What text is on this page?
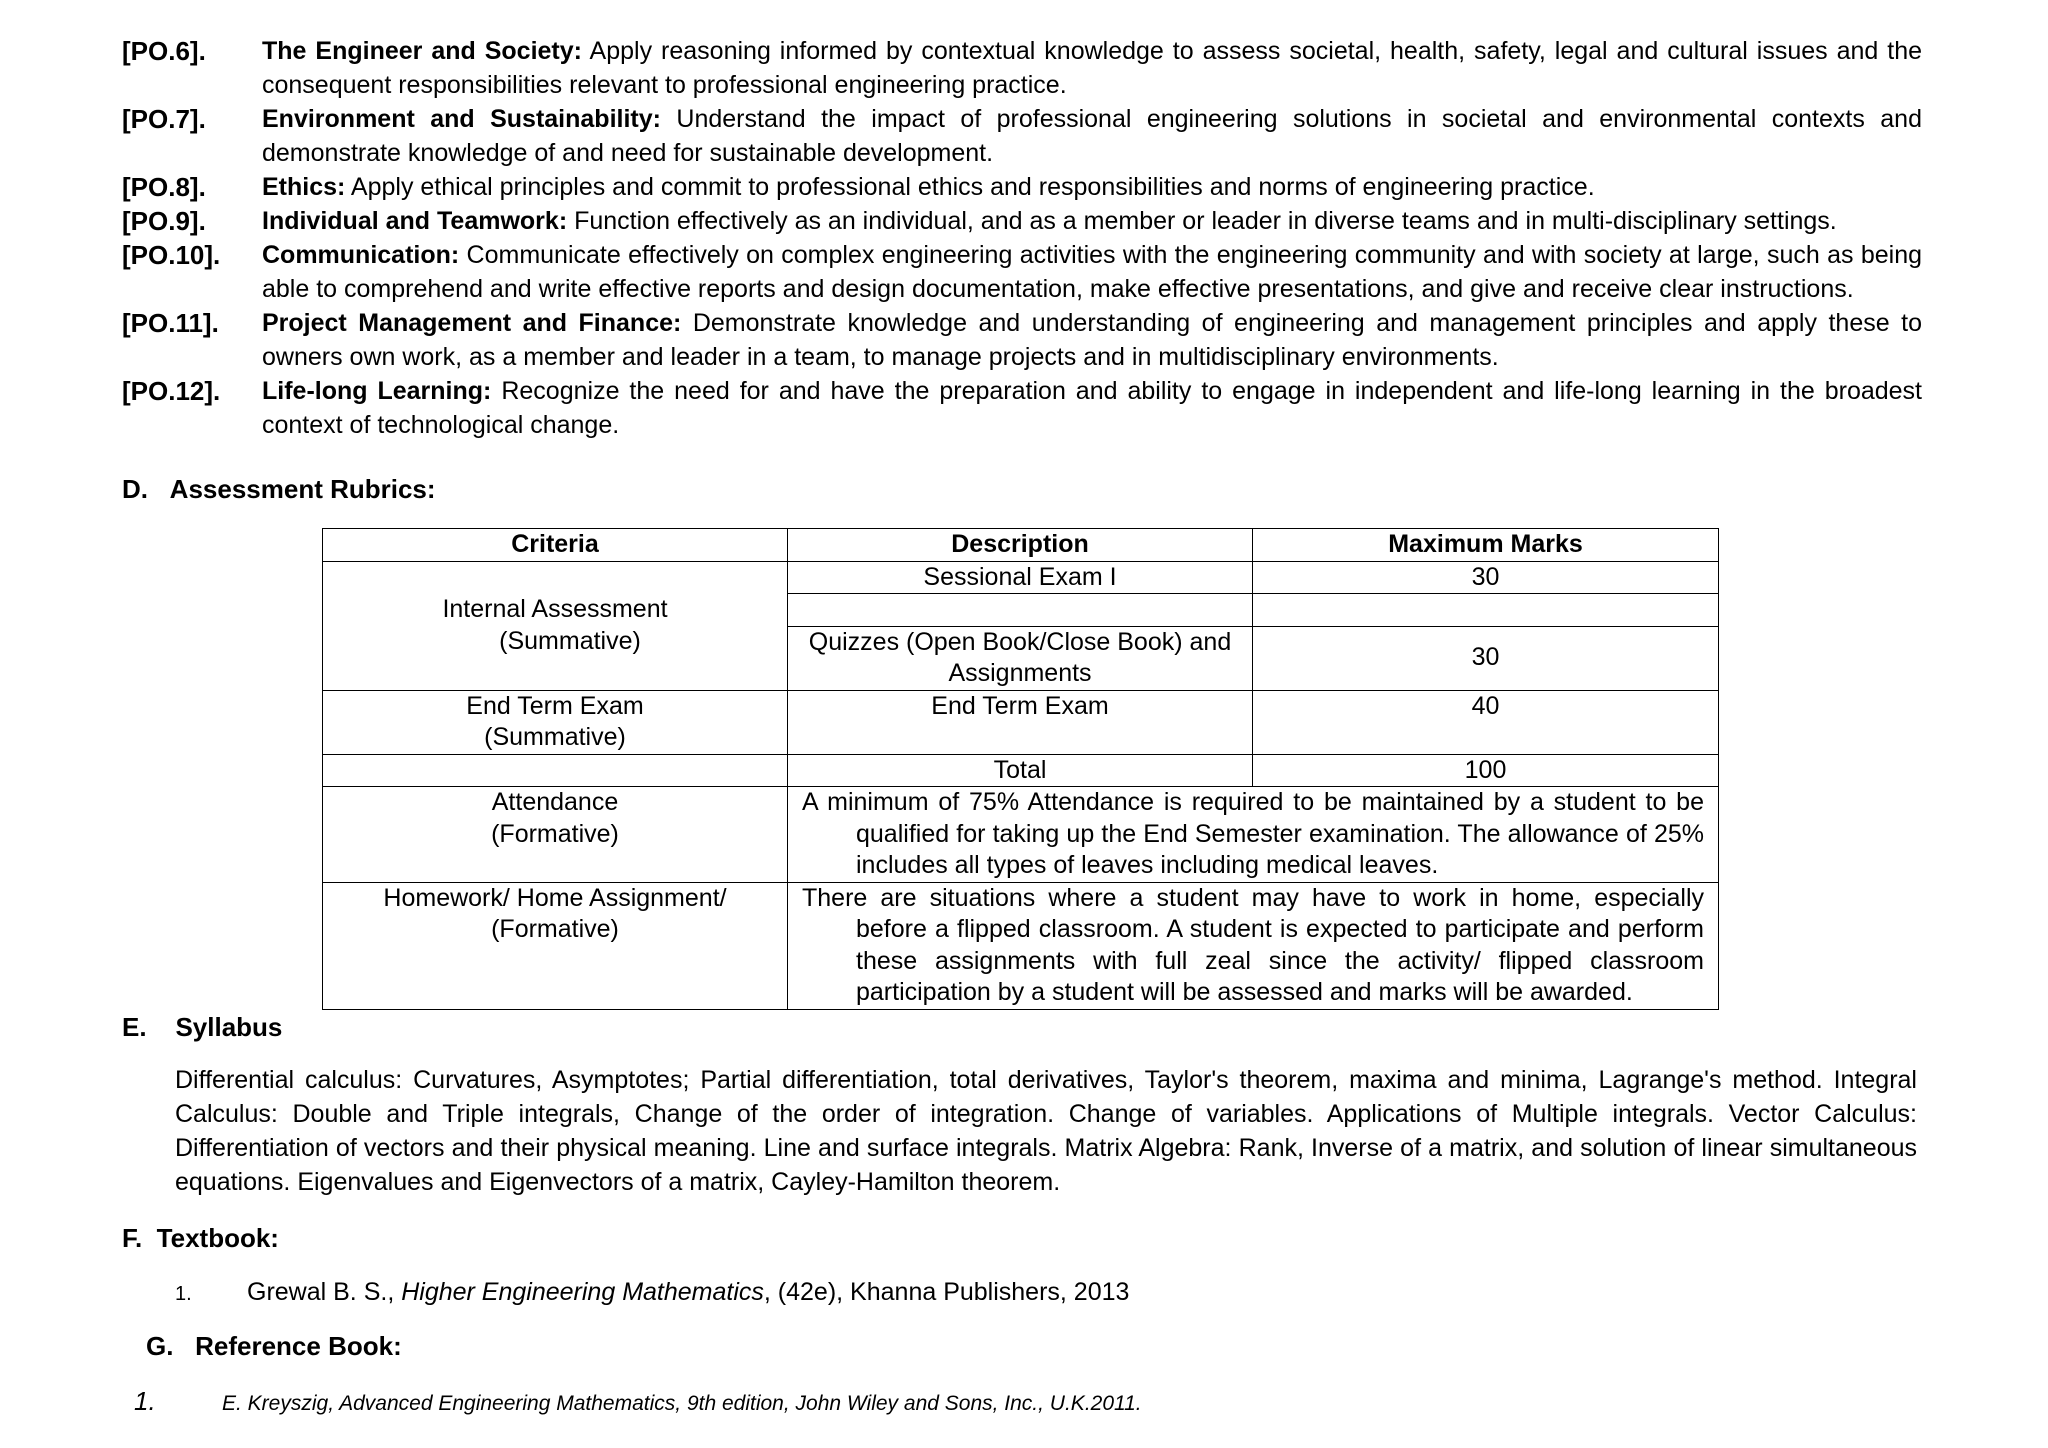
[PO.6].	The Engineer and Society: Apply reasoning informed by contextual knowledge to assess societal, health, safety, legal and cultural issues and the consequent responsibilities relevant to professional engineering practice.
[PO.7].	Environment and Sustainability: Understand the impact of professional engineering solutions in societal and environmental contexts and demonstrate knowledge of and need for sustainable development.
[PO.8].	Ethics: Apply ethical principles and commit to professional ethics and responsibilities and norms of engineering practice.
[PO.9].	Individual and Teamwork: Function effectively as an individual, and as a member or leader in diverse teams and in multi-disciplinary settings.
[PO.10].	Communication: Communicate effectively on complex engineering activities with the engineering community and with society at large, such as being able to comprehend and write effective reports and design documentation, make effective presentations, and give and receive clear instructions.
[PO.11].	Project Management and Finance: Demonstrate knowledge and understanding of engineering and management principles and apply these to owners own work, as a member and leader in a team, to manage projects and in multidisciplinary environments.
[PO.12].	Life-long Learning: Recognize the need for and have the preparation and ability to engage in independent and life-long learning in the broadest context of technological change.
D.   Assessment Rubrics:
Criteria	Description	Maximum Marks

Internal Assessment
(Summative)	Sessional Exam I	30

	Quizzes (Open Book/Close Book) and Assignments	30

End Term Exam
(Summative)	End Term Exam	40
	Total	100

Attendance
(Formative)	A minimum of 75% Attendance is required to be maintained by a student to be qualified for taking up the End Semester examination. The allowance of 25% includes all types of leaves including medical leaves.	

Homework/ Home Assignment/
(Formative)	There are situations where a student may have to work in home, especially before a flipped classroom. A student is expected to participate and perform these assignments with full zeal since the activity/ flipped classroom participation by a student will be assessed and marks will be awarded.	
E.    Syllabus
Differential calculus: Curvatures, Asymptotes; Partial differentiation, total derivatives, Taylor's theorem, maxima and minima, Lagrange's method. Integral Calculus: Double and Triple integrals, Change of the order of integration. Change of variables. Applications of Multiple integrals. Vector Calculus: Differentiation of vectors and their physical meaning. Line and surface integrals. Matrix Algebra: Rank, Inverse of a matrix, and solution of linear simultaneous equations. Eigenvalues and Eigenvectors of a matrix, Cayley-Hamilton theorem.
F.  Textbook:
1. Grewal B. S., Higher Engineering Mathematics, (42e), Khanna Publishers, 2013
G.   Reference Book:
1.	E. Kreyszig, Advanced Engineering Mathematics, 9th edition, John Wiley and Sons, Inc., U.K.2011.
